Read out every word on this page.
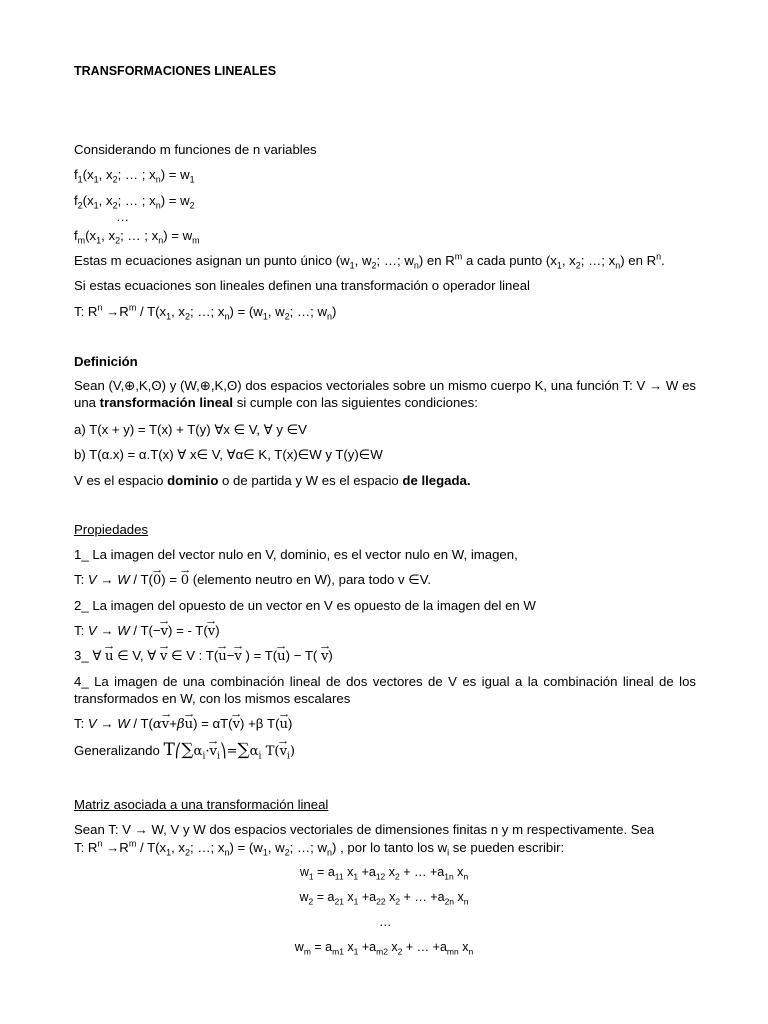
TRANSFORMACIONES LINEALES
Considerando m funciones de n variables
$f_1(x_1$, $x_2$; … ; $x_n) = w_1$
$f_2(x_1$, $x_2$; … ; $x_n) = w_2$
…
$f_m(x_1$, $x_2$; … ; $x_n) = w_m$
Estas m ecuaciones asignan un punto único ($w_1$, $w_2$; …; $w_n$) en $R^m$ a cada punto ($x_1$, $x_2$; …; $x_n$) en $R^n$.
Si estas ecuaciones son lineales definen una transformación o operador lineal
T: $R^n \to R^m / T(x_1$, $x_2$; …; $x_n) = (w_1$, $w_2$; …; $w_n$)
Definición
Sean (V,⊕,K,ʘ) y (W,⊕,K,ʘ) dos espacios vectoriales sobre un mismo cuerpo K, una función T: V → W es una transformación lineal si cumple con las siguientes condiciones:
a) T(x + y) = T(x) + T(y) ∀x ∈ V, ∀ y ∈V
b) T(α.x) = α.T(x) ∀ x∈ V, ∀α∈ K, T(x)∈W y T(y)∈W
V es el espacio dominio o de partida y W es el espacio de llegada.
Propiedades
1_ La imagen del vector nulo en V, dominio, es el vector nulo en W, imagen,
T: V → W / T(→ 0) = → 0 (elemento neutro en W), para todo v ∈V.
2_ La imagen del opuesto de un vector en V es opuesto de la imagen del en W
T: V → W / T(−→ v) = - T(→ v)
3_ ∀ → u ∈ V, ∀ → v ∈ V : T(→ u−→ v ) = T(→ u) − T( → v)
4_ La imagen de una combinación lineal de dos vectores de V es igual a la combinación lineal de los transformados en W, con los mismos escalares
T: V → W / T(α→ v+β→ u) = αT(→ v) +β T(→ u)
Generalizando $T⎛\sum\alpha_i\cdot\to$ $v_i⎞=\sum\alpha_i$ $T(\to v_i)$
Matriz asociada a una transformación lineal
Sean T: V → W, V y W dos espacios vectoriales de dimensiones finitas n y m respectivamente. Sea
T: $R^n \to R^m / T(x_1$, $x_2$; …; $x_n) = (w_1$, $w_2$; …; $w_n$) , por lo tanto los $w_i$ se pueden escribir:
$w_1 = a_{11}$ $x_1 +a_{12}$ $x_2$ + … $+a_{1n}$ $x_n$
$w_2 = a_{21}$ $x_1 +a_{22}$ $x_2$ + … $+a_{2n}$ $x_n$
…
$w_m = a_{m1}$ $x_1 +a_{m2}$ $x_2$ + … $+a_{mn}$ $x_n$
